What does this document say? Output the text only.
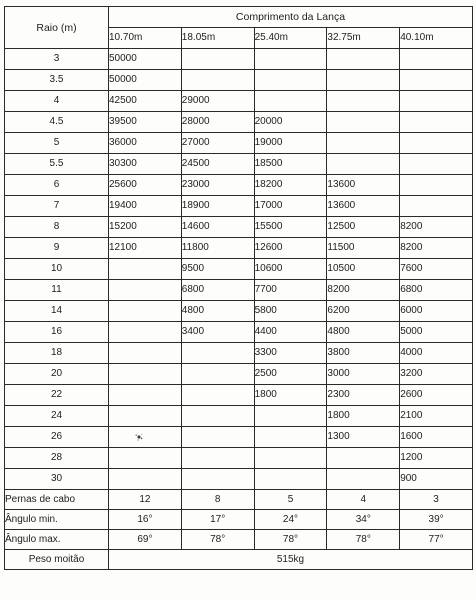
Raio (m)	Comprimento da Lança				
	10.70m	18.05m	25.40m	32.75m	40.10m
3	50000				
3.5	50000				
4	42500	29000			
4.5	39500	28000	20000		
5	36000	27000	19000		
5.5	30300	24500	18500		
6	25600	23000	18200	13600	
7	19400	18900	17000	13600	
8	15200	14600	15500	12500	8200
9	12100	11800	12600	11500	8200
10		9500	10600	10500	7600
11		6800	7700	8200	6800
14		4800	5800	6200	6000
16		3400	4400	4800	5000
18			3300	3800	4000
20			2500	3000	3200
22			1800	2300	2600
24				1800	2100
26				1300	1600
28					1200
30					900
Pernas de cabo	12	8	5	4	3
Ângulo min.	16°	17°	24°	34°	39°
Ângulo max.	69°	78°	78°	78°	77°
Peso moitão	515kg				
